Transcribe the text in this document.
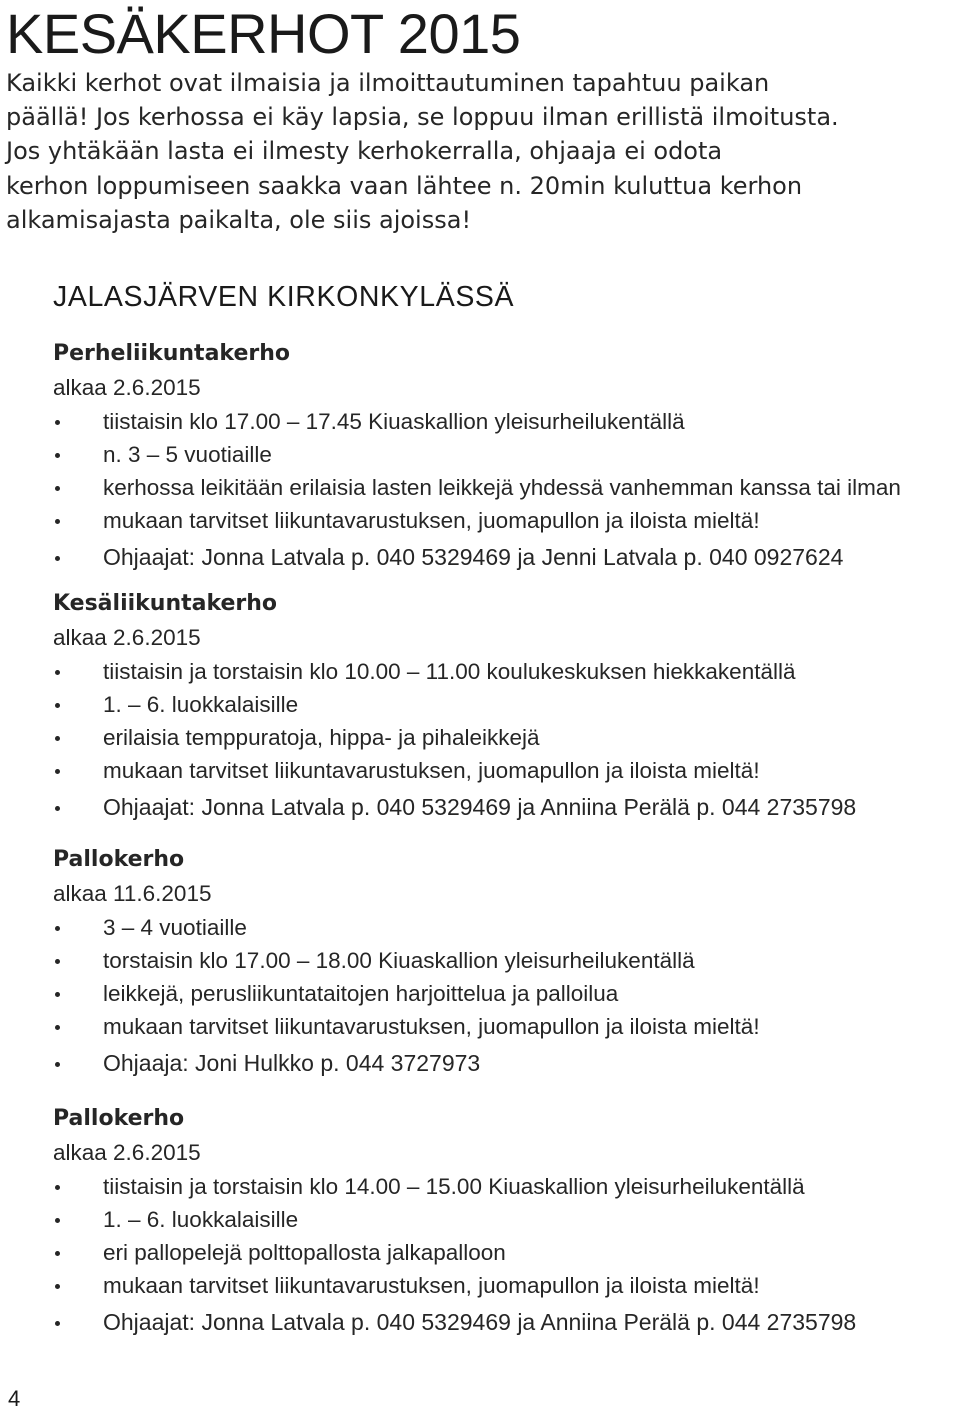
KESÄKERHOT 2015
Kaikki kerhot ovat ilmaisia ja ilmoittautuminen tapahtuu paikan
päällä! Jos kerhossa ei käy lapsia, se loppuu ilman erillistä ilmoitusta.
Jos yhtäkään lasta ei ilmesty kerhokerralla, ohjaaja ei odota
kerhon loppumiseen saakka vaan lähtee n. 20min kuluttua kerhon
alkamisajasta paikalta, ole siis ajoissa!
JALASJÄRVEN KIRKONKYLÄSSÄ
Perheliikuntakerho
alkaa 2.6.2015
tiistaisin klo 17.00 – 17.45 Kiuaskallion yleisurheilukentällä
n. 3 – 5 vuotiaille
kerhossa leikitään erilaisia lasten leikkejä yhdessä vanhemman kanssa tai ilman
mukaan tarvitset liikuntavarustuksen, juomapullon ja iloista mieltä!
Ohjaajat: Jonna Latvala p. 040 5329469 ja Jenni Latvala p. 040 0927624
Kesäliikuntakerho
alkaa 2.6.2015
tiistaisin ja torstaisin klo 10.00 – 11.00 koulukeskuksen hiekkakentällä
1. – 6. luokkalaisille
erilaisia temppuratoja, hippa- ja pihaleikkejä
mukaan tarvitset liikuntavarustuksen, juomapullon ja iloista mieltä!
Ohjaajat: Jonna Latvala p. 040 5329469 ja Anniina Perälä p. 044 2735798
Pallokerho
alkaa 11.6.2015
3 – 4 vuotiaille
torstaisin klo 17.00 – 18.00 Kiuaskallion yleisurheilukentällä
leikkejä, perusliikuntataitojen harjoittelua ja palloilua
mukaan tarvitset liikuntavarustuksen, juomapullon ja iloista mieltä!
Ohjaaja: Joni Hulkko p. 044 3727973
Pallokerho
alkaa 2.6.2015
tiistaisin ja torstaisin klo 14.00 – 15.00 Kiuaskallion yleisurheilukentällä
1. – 6. luokkalaisille
eri pallopelejä polttopallosta jalkapalloon
mukaan tarvitset liikuntavarustuksen, juomapullon ja iloista mieltä!
Ohjaajat: Jonna Latvala p. 040 5329469 ja Anniina Perälä p. 044 2735798
4
